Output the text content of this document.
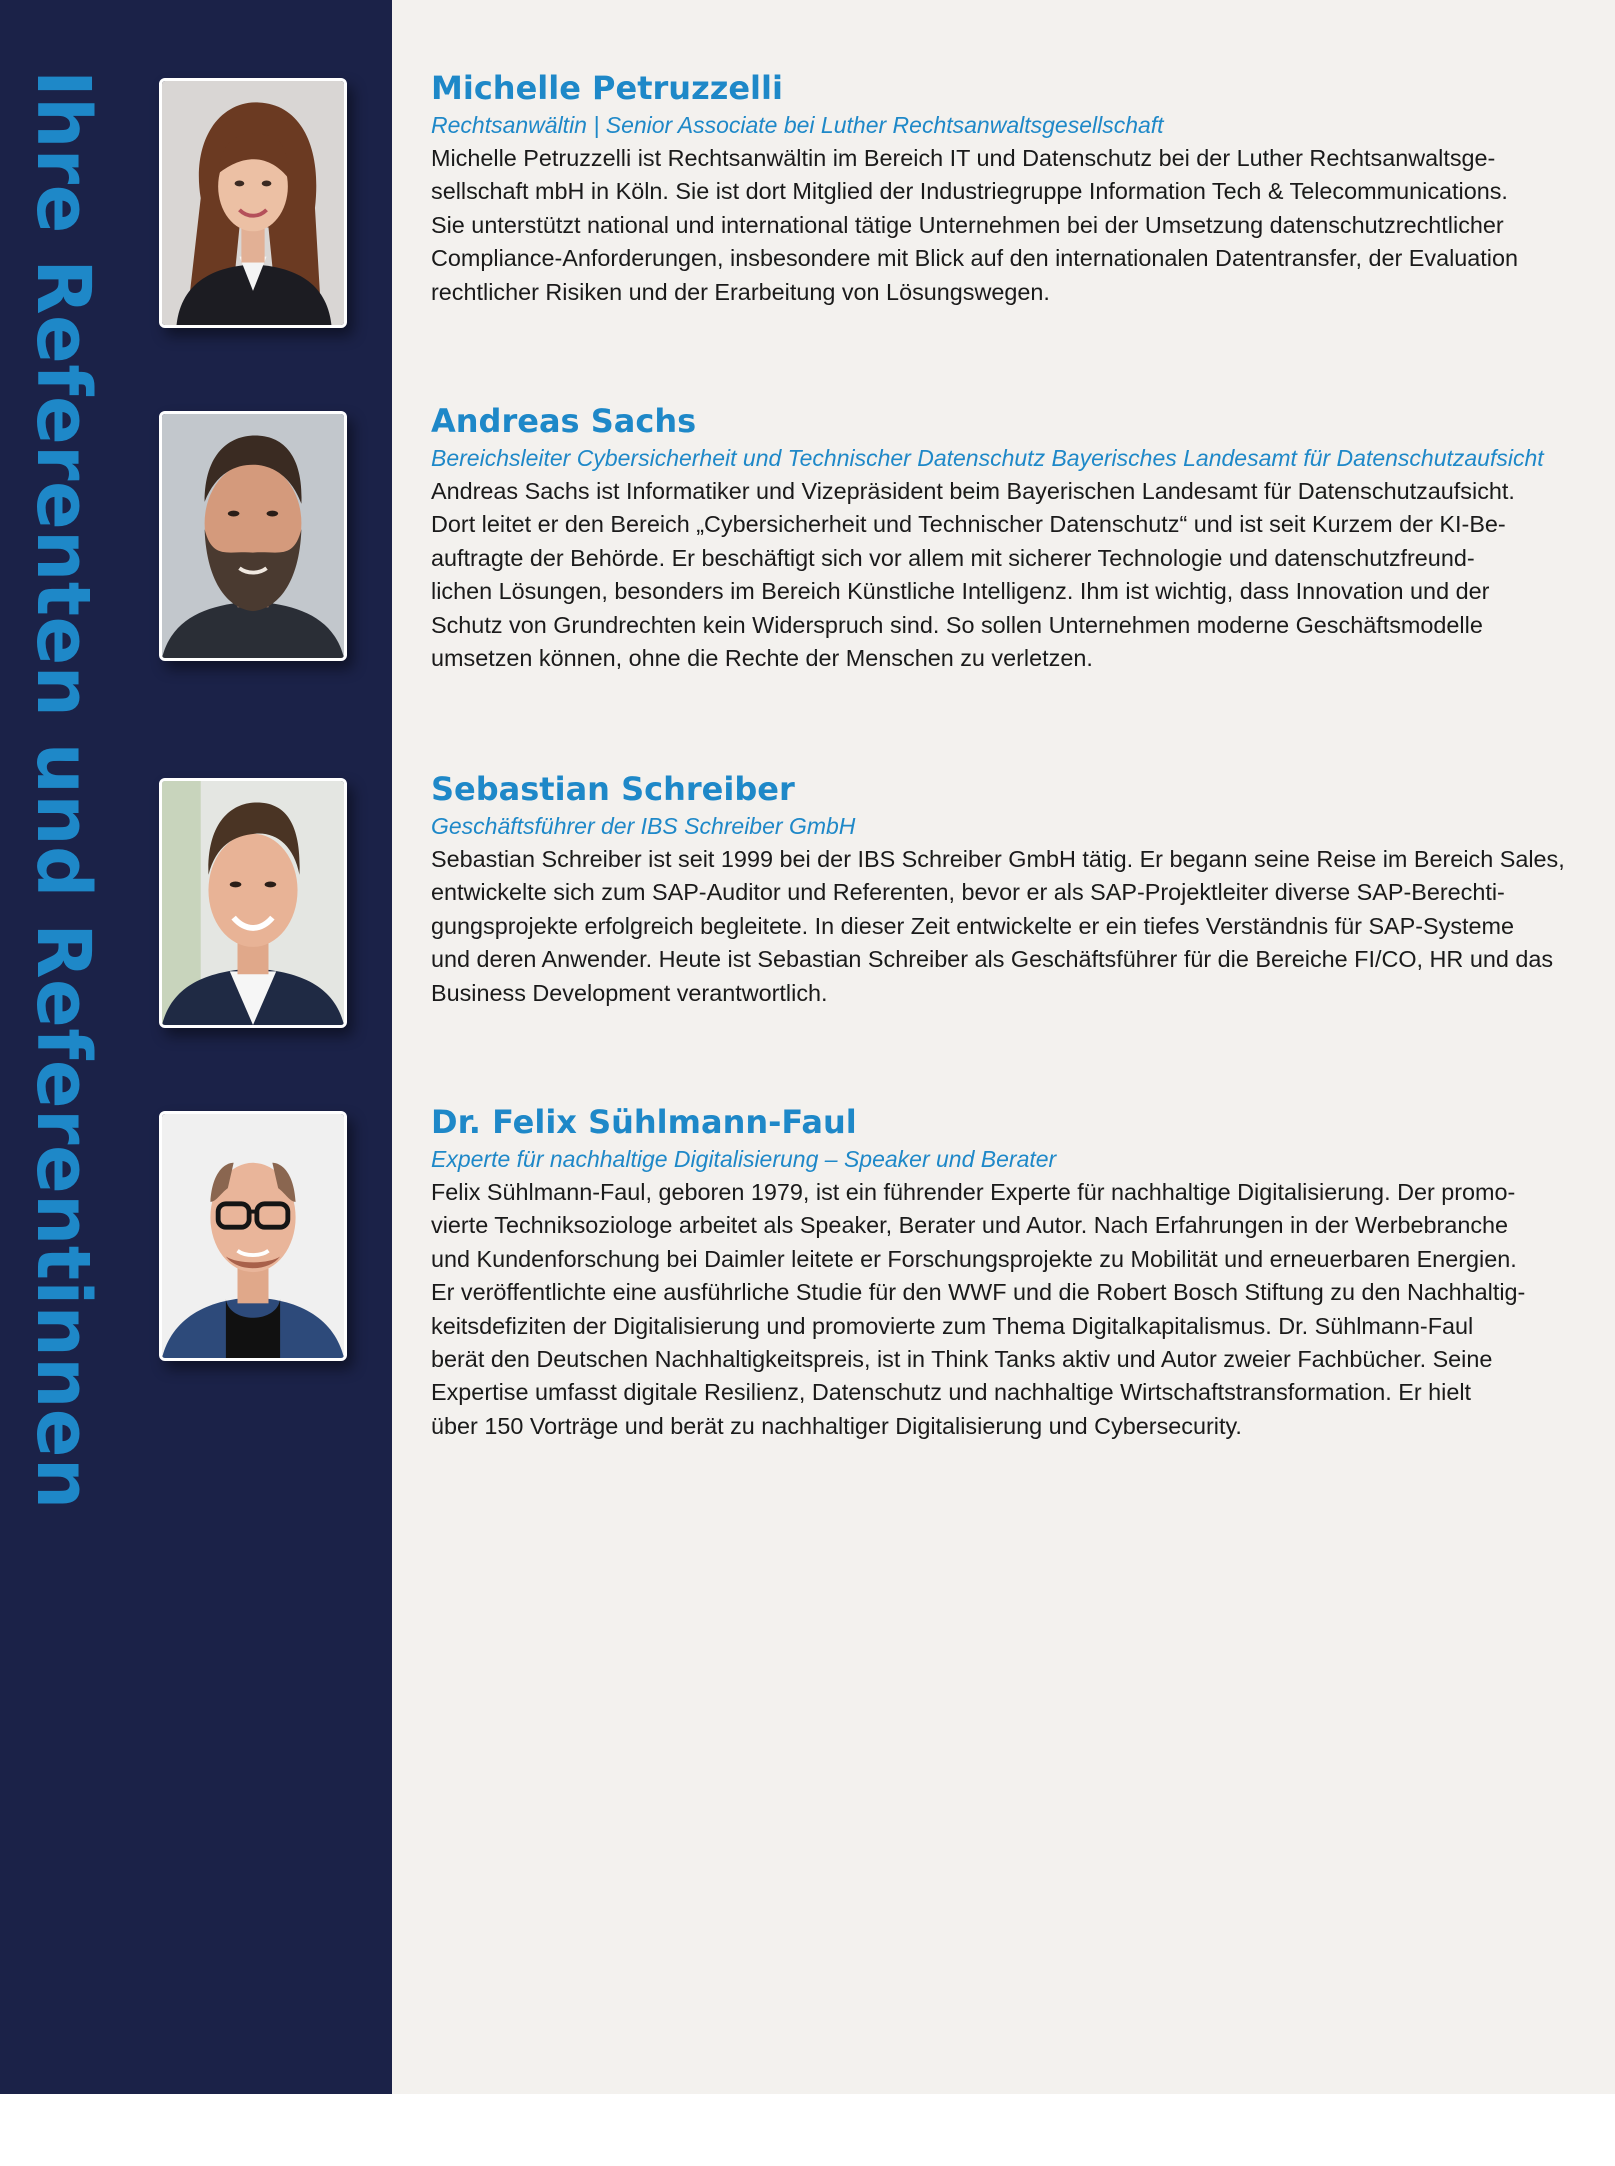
Ihre Referenten und Referentinnen	Michelle Petruzzelli
Rechtsanwältin | Senior Associate bei Luther Rechtsanwaltsgesellschaft
Michelle Petruzzelli ist Rechtsanwältin im Bereich IT und Datenschutz bei der Luther Rechtsanwaltsge-
sellschaft mbH in Köln. Sie ist dort Mitglied der Industriegruppe Information Tech & Telecommunications.
Sie unterstützt national und international tätige Unternehmen bei der Umsetzung datenschutzrechtlicher
Compliance-Anforderungen, insbesondere mit Blick auf den internationalen Datentransfer, der Evaluation
rechtlicher Risiken und der Erarbeitung von Lösungswegen.
Andreas Sachs
Bereichsleiter Cybersicherheit und Technischer Datenschutz Bayerisches Landesamt für Datenschutzaufsicht
Andreas Sachs ist Informatiker und Vizepräsident beim Bayerischen Landesamt für Datenschutzaufsicht.
Dort leitet er den Bereich „Cybersicherheit und Technischer Datenschutz“ und ist seit Kurzem der KI-Be-
auftragte der Behörde. Er beschäftigt sich vor allem mit sicherer Technologie und datenschutzfreund-
lichen Lösungen, besonders im Bereich Künstliche Intelligenz. Ihm ist wichtig, dass Innovation und der
Schutz von Grundrechten kein Widerspruch sind. So sollen Unternehmen moderne Geschäftsmodelle
umsetzen können, ohne die Rechte der Menschen zu verletzen.
Sebastian Schreiber
Geschäftsführer der IBS Schreiber GmbH
Sebastian Schreiber ist seit 1999 bei der IBS Schreiber GmbH tätig. Er begann seine Reise im Bereich Sales,
entwickelte sich zum SAP-Auditor und Referenten, bevor er als SAP-Projektleiter diverse SAP-Berechti-
gungsprojekte erfolgreich begleitete. In dieser Zeit entwickelte er ein tiefes Verständnis für SAP-Systeme
und deren Anwender. Heute ist Sebastian Schreiber als Geschäftsführer für die Bereiche FI/CO, HR und das
Business Development verantwortlich.
Dr. Felix Sühlmann-Faul
Experte für nachhaltige Digitalisierung – Speaker und Berater
Felix Sühlmann-Faul, geboren 1979, ist ein führender Experte für nachhaltige Digitalisierung. Der promo-
vierte Techniksoziologe arbeitet als Speaker, Berater und Autor. Nach Erfahrungen in der Werbebranche
und Kundenforschung bei Daimler leitete er Forschungsprojekte zu Mobilität und erneuerbaren Energien.
Er veröffentlichte eine ausführliche Studie für den WWF und die Robert Bosch Stiftung zu den Nachhaltig-
keitsdefiziten der Digitalisierung und promovierte zum Thema Digitalkapitalismus. Dr. Sühlmann-Faul
berät den Deutschen Nachhaltigkeitspreis, ist in Think Tanks aktiv und Autor zweier Fachbücher. Seine
Expertise umfasst digitale Resilienz, Datenschutz und nachhaltige Wirtschaftstransformation. Er hielt
über 150 Vorträge und berät zu nachhaltiger Digitalisierung und Cybersecurity.
